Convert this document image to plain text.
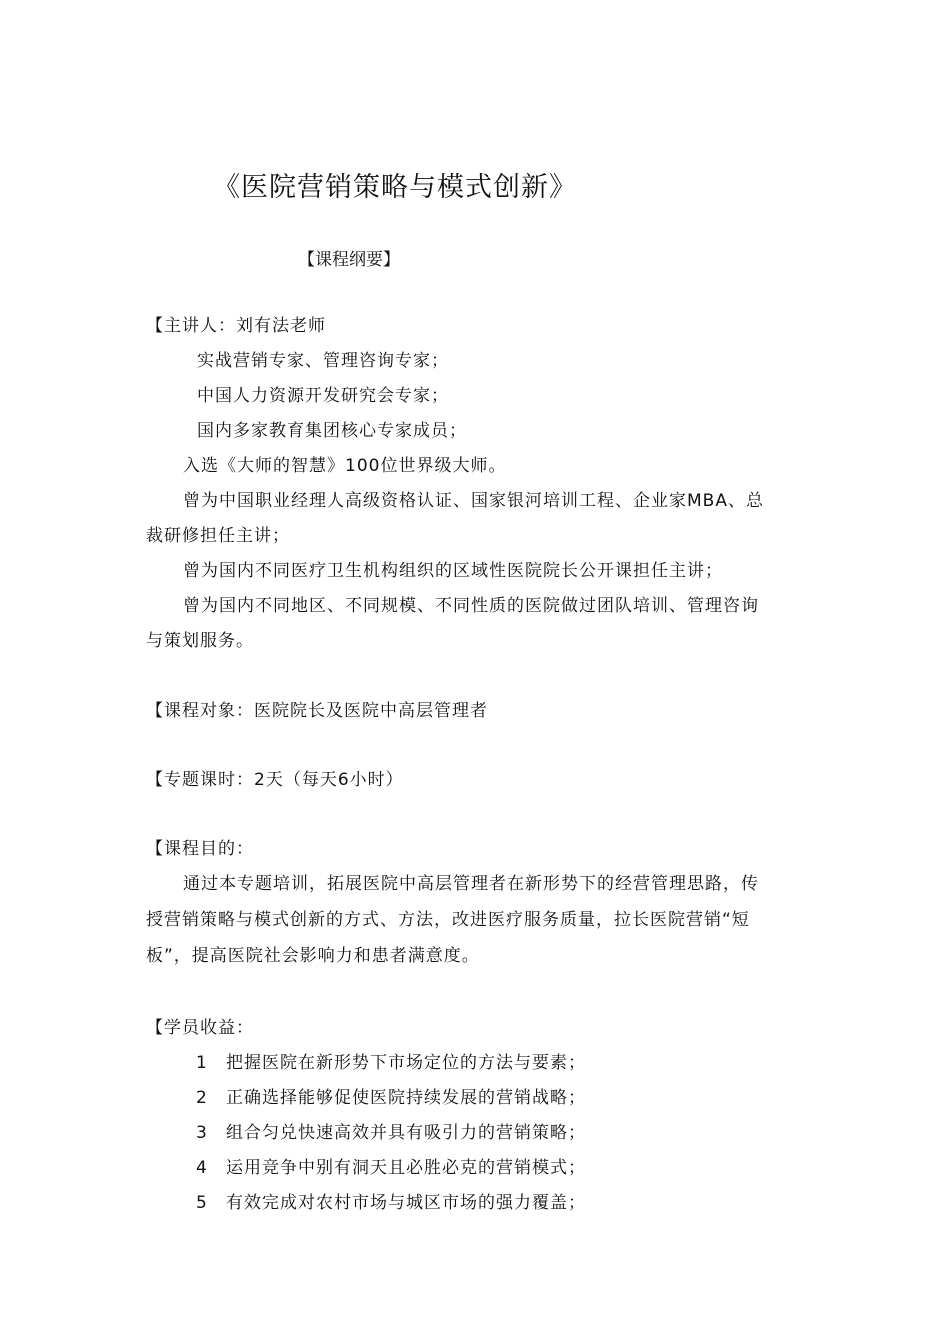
《医院营销策略与模式创新》
【课程纲要】
【主讲人：刘有法老师
实战营销专家、管理咨询专家；
中国人力资源开发研究会专家；
国内多家教育集团核心专家成员；
入选《大师的智慧》100位世界级大师。
曾为中国职业经理人高级资格认证、国家银河培训工程、企业家MBA、总
裁研修担任主讲；
曾为国内不同医疗卫生机构组织的区域性医院院长公开课担任主讲；
曾为国内不同地区、不同规模、不同性质的医院做过团队培训、管理咨询
与策划服务。
【课程对象：医院院长及医院中高层管理者
【专题课时：2天（每天6小时）
【课程目的：
通过本专题培训，拓展医院中高层管理者在新形势下的经营管理思路，传
授营销策略与模式创新的方式、方法，改进医疗服务质量，拉长医院营销“短
板”，提高医院社会影响力和患者满意度。
【学员收益：
1 把握医院在新形势下市场定位的方法与要素；
2 正确选择能够促使医院持续发展的营销战略；
3 组合匀兑快速高效并具有吸引力的营销策略；
4 运用竞争中别有洞天且必胜必克的营销模式；
5 有效完成对农村市场与城区市场的强力覆盖；
